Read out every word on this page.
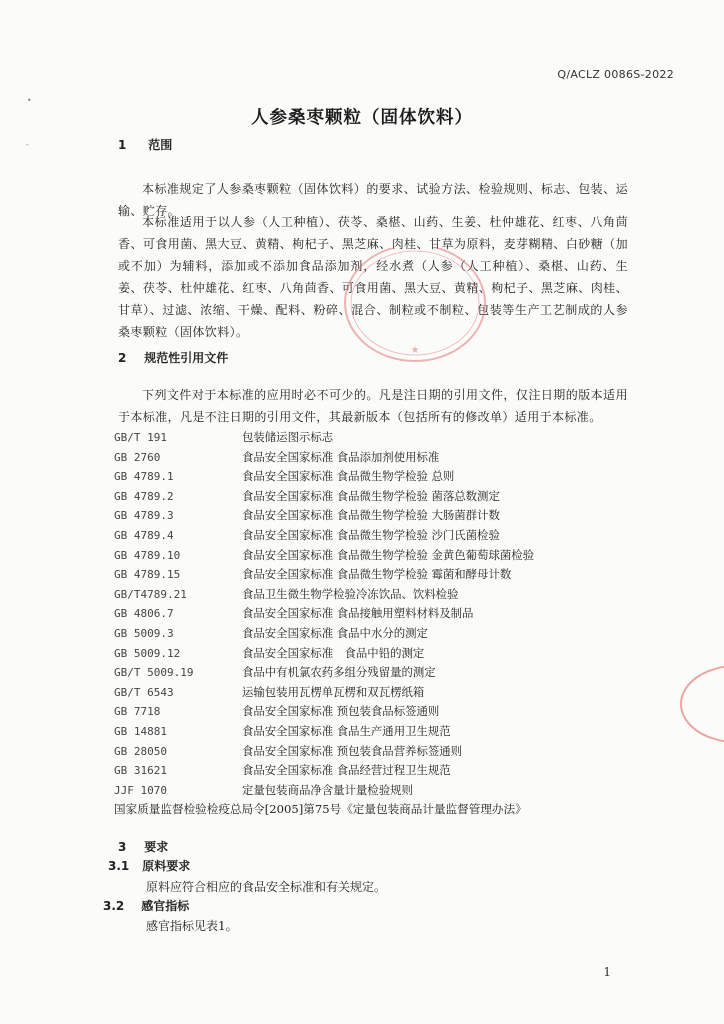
•
-
Q/ACLZ 0086S-2022
人参桑枣颗粒（固体饮料）
1 范围
本标准规定了人参桑枣颗粒（固体饮料）的要求、试验方法、检验规则、标志、包装、运输、贮存。
本标准适用于以人参（人工种植）、茯苓、桑椹、山药、生姜、杜仲雄花、红枣、八角茴香、可食用菌、黑大豆、黄精、枸杞子、黑芝麻、肉桂、甘草为原料，麦芽糊精、白砂糖（加或不加）为辅料，添加或不添加食品添加剂，经水煮（人参（人工种植）、桑椹、山药、生姜、茯苓、杜仲雄花、红枣、八角茴香、可食用菌、黑大豆、黄精、枸杞子、黑芝麻、肉桂、甘草）、过滤、浓缩、干燥、配料、粉碎、混合、制粒或不制粒、包装等生产工艺制成的人参桑枣颗粒（固体饮料）。
★
2 规范性引用文件
下列文件对于本标准的应用时必不可少的。凡是注日期的引用文件，仅注日期的版本适用于本标准，凡是不注日期的引用文件，其最新版本（包括所有的修改单）适用于本标准。
GB/T 191	包装储运图示标志
GB 2760	食品安全国家标准 食品添加剂使用标准
GB 4789.1	食品安全国家标准 食品微生物学检验 总则
GB 4789.2	食品安全国家标准 食品微生物学检验 菌落总数测定
GB 4789.3	食品安全国家标准 食品微生物学检验 大肠菌群计数
GB 4789.4	食品安全国家标准 食品微生物学检验 沙门氏菌检验
GB 4789.10	食品安全国家标准 食品微生物学检验 金黄色葡萄球菌检验
GB 4789.15	食品安全国家标准 食品微生物学检验 霉菌和酵母计数
GB/T4789.21	食品卫生微生物学检验冷冻饮品、饮料检验
GB 4806.7	食品安全国家标准 食品接触用塑料材料及制品
GB 5009.3	食品安全国家标准 食品中水分的测定
GB 5009.12	食品安全国家标准　食品中铅的测定
GB/T 5009.19	食品中有机氯农药多组分残留量的测定
GB/T 6543	运输包装用瓦楞单瓦楞和双瓦楞纸箱
GB 7718	食品安全国家标准 预包装食品标签通则
GB 14881	食品安全国家标准 食品生产通用卫生规范
GB 28050	食品安全国家标准 预包装食品营养标签通则
GB 31621	食品安全国家标准 食品经营过程卫生规范
JJF 1070	定量包装商品净含量计量检验规则
国家质量监督检验检疫总局令[2005]第75号《定量包装商品计量监督管理办法》
3 要求
3.1 原料要求
原料应符合相应的食品安全标准和有关规定。
3.2 感官指标
感官指标见表1。
1
